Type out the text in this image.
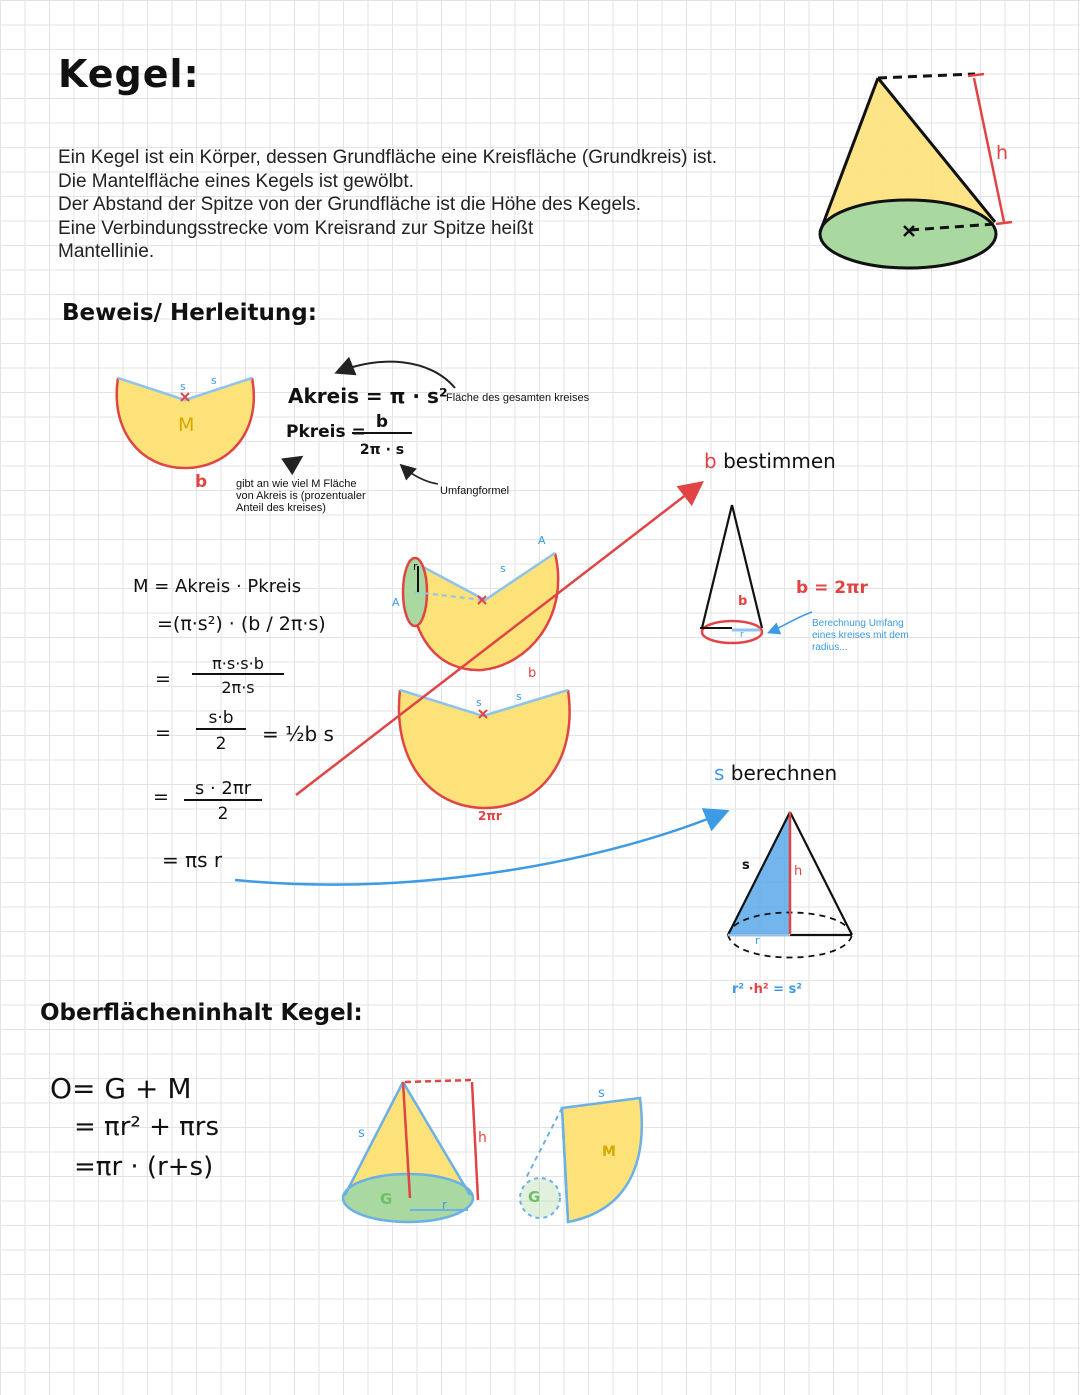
Kegel:
Ein Kegel ist ein Körper, dessen Grundfläche eine Kreisfläche (Grundkreis) ist.
Die Mantelfläche eines Kegels ist gewölbt.
Der Abstand der Spitze von der Grundfläche ist die Höhe des Kegels.
Eine Verbindungsstrecke vom Kreisrand zur Spitze heißt
Mantellinie.
h
Beweis/ Herleitung:
s s
M
b
Akreis = π · s²
Pkreis = b
2π · s
Fläche des gesamten kreises
Umfangformel
gibt an wie viel M Fläche von Akreis is (prozentualer Anteil des kreises)
M = Akreis · Pkreis
=(π·s²) · (b / 2π·s)
=
π·s·s·b
2π·s
=
s·b
2	= ½b s
=	s · 2πr
2
= πs r
A
A
s
r
b
s	s
2πr
b bestimmen
b = 2πr
b
r
Berechnung Umfang eines kreises mit dem radius...
s berechnen
s	h
r
r² ·h² = s²
Oberflächeninhalt Kegel:
O= G + M
= πr² + πrs
=πr · (r+s)
s	h
G	r
s
M
G
